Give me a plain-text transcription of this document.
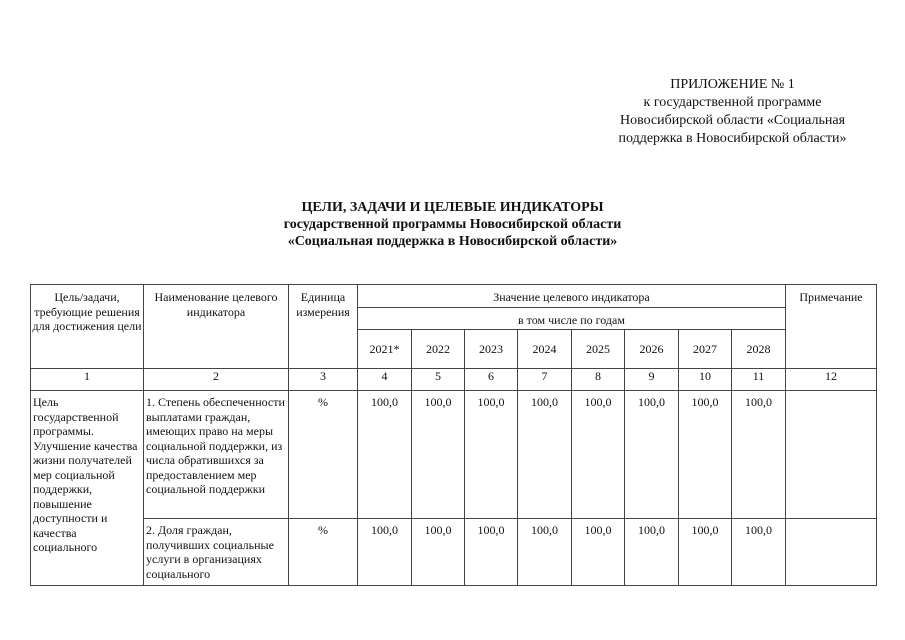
ПРИЛОЖЕНИЕ № 1
к государственной программе
Новосибирской области «Социальная
поддержка в Новосибирской области»
ЦЕЛИ, ЗАДАЧИ И ЦЕЛЕВЫЕ ИНДИКАТОРЫ
государственной программы Новосибирской области
«Социальная поддержка в Новосибирской области»
Цель/задачи, требующие решения для достижения цели	Наименование целевого индикатора	Единица измерения	Значение целевого индикатора								Примечание
			в том числе по годам								
			2021*	2022	2023	2024	2025	2026	2027	2028	
1	2	3	4	5	6	7	8	9	10	11	12
Цель государственной программы. Улучшение качества жизни получателей мер социальной поддержки, повышение доступности и качества социального	1. Степень обеспеченности выплатами граждан, имеющих право на меры социальной поддержки, из числа обратившихся за предоставлением мер социальной поддержки	%	100,0	100,0	100,0	100,0	100,0	100,0	100,0	100,0	
	2. Доля граждан, получивших социальные услуги в организациях социального	%	100,0	100,0	100,0	100,0	100,0	100,0	100,0	100,0	
